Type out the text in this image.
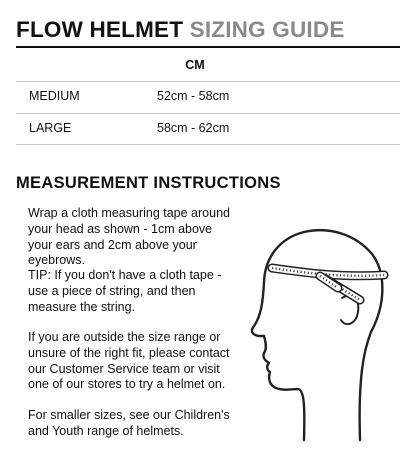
FLOW HELMET SIZING GUIDE
CM
MEDIUM	52cm - 58cm
LARGE	58cm - 62cm
MEASUREMENT INSTRUCTIONS

Wrap a cloth measuring tape around your head as shown - 1cm above your ears and 2cm above your eyebrows.

TIP: If you don't have a cloth tape - use a piece of string, and then measure the string.

If you are outside the size range or unsure of the right fit, please contact our Customer Service team or visit one of our stores to try a helmet on.

For smaller sizes, see our Children's and Youth range of helmets.
